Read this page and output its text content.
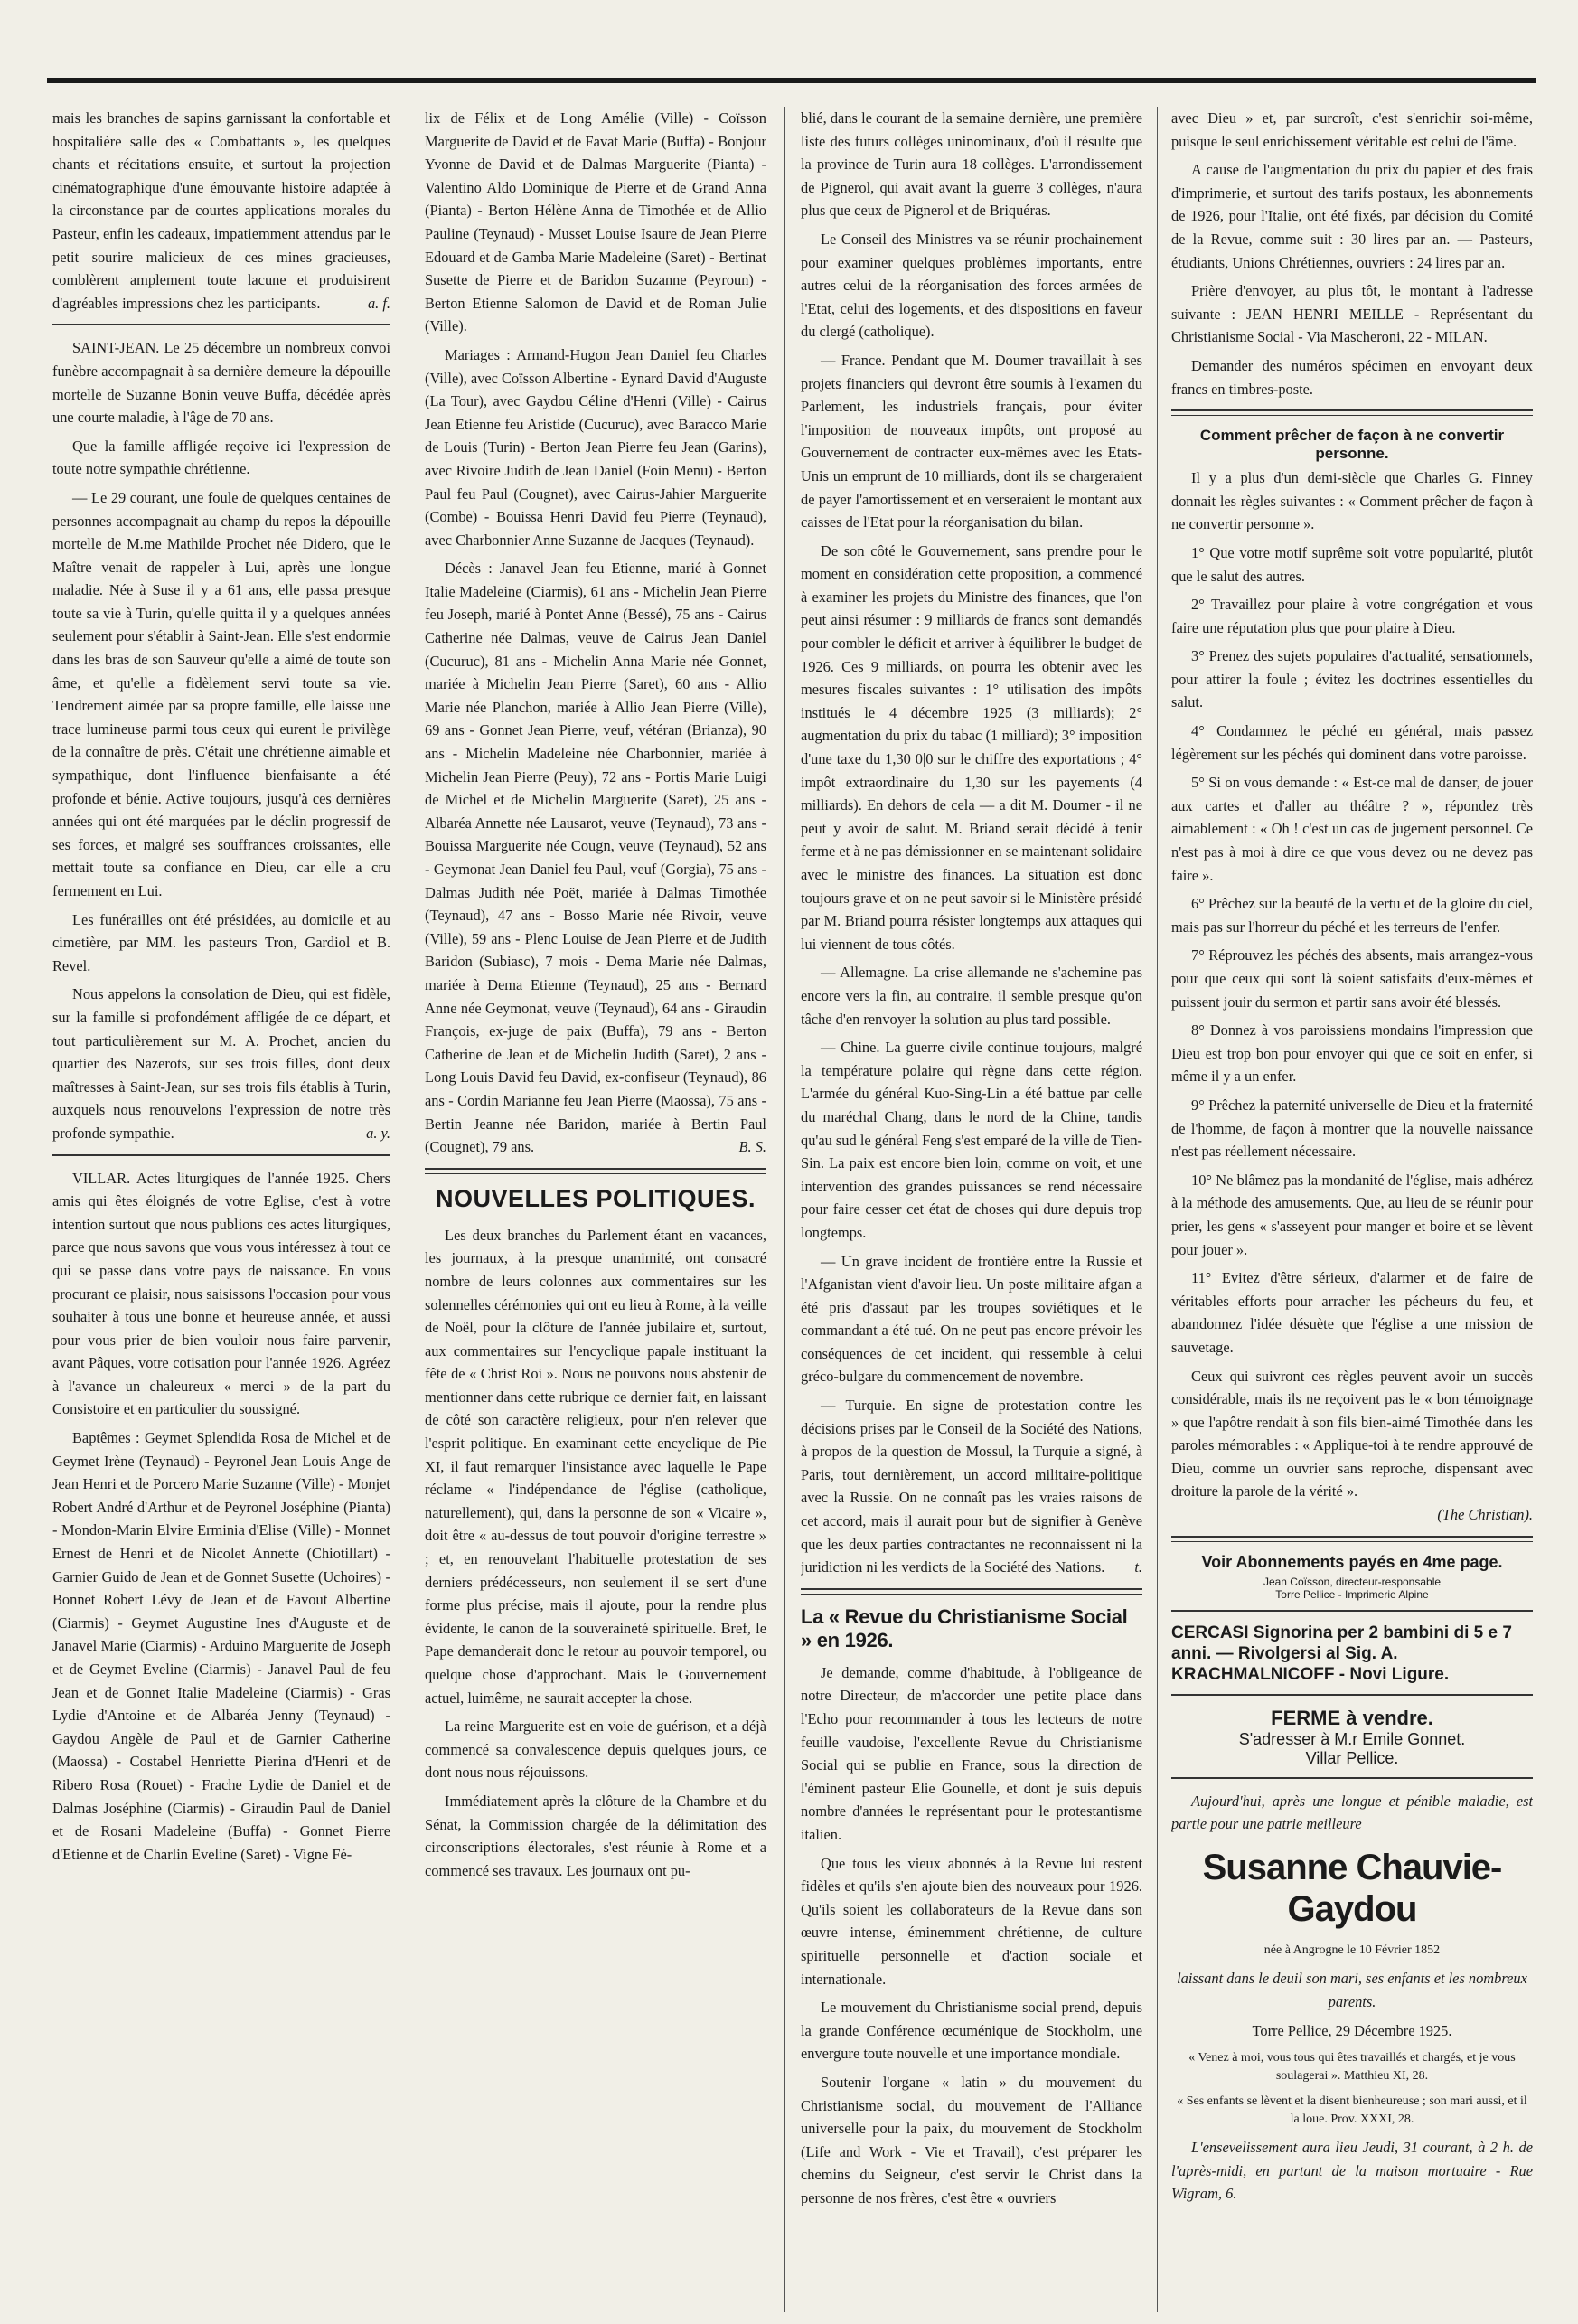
mais les branches de sapins garnissant la confortable et hospitalière salle des « Combattants », les quelques chants et récitations ensuite, et surtout la projection cinématographique d'une émouvante histoire adaptée à la circonstance par de courtes applications morales du Pasteur, enfin les cadeaux, impatiemment attendus par le petit sourire malicieux de ces mines gracieuses, comblèrent amplement toute lacune et produisirent d'agréables impressions chez les participants.	a. f.

SAINT-JEAN. Le 25 décembre un nombreux convoi funèbre accompagnait à sa dernière demeure la dépouille mortelle de Suzanne Bonin veuve Buffa, décédée après une courte maladie, à l'âge de 70 ans.

Que la famille affligée reçoive ici l'expression de toute notre sympathie chrétienne.

— Le 29 courant, une foule de quelques centaines de personnes accompagnait au champ du repos la dépouille mortelle de M.me Mathilde Prochet née Didero, que le Maître venait de rappeler à Lui, après une longue maladie. Née à Suse il y a 61 ans, elle passa presque toute sa vie à Turin, qu'elle quitta il y a quelques années seulement pour s'établir à Saint-Jean. Elle s'est endormie dans les bras de son Sauveur qu'elle a aimé de toute son âme, et qu'elle a fidèlement servi toute sa vie. Tendrement aimée par sa propre famille, elle laisse une trace lumineuse parmi tous ceux qui eurent le privilège de la connaître de près. C'était une chrétienne aimable et sympathique, dont l'influence bienfaisante a été profonde et bénie. Active toujours, jusqu'à ces dernières années qui ont été marquées par le déclin progressif de ses forces, et malgré ses souffrances croissantes, elle mettait toute sa confiance en Dieu, car elle a cru fermement en Lui.

Les funérailles ont été présidées, au domicile et au cimetière, par MM. les pasteurs Tron, Gardiol et B. Revel.

Nous appelons la consolation de Dieu, qui est fidèle, sur la famille si profondément affligée de ce départ, et tout particulièrement sur M. A. Prochet, ancien du quartier des Nazerots, sur ses trois filles, dont deux maîtresses à Saint-Jean, sur ses trois fils établis à Turin, auxquels nous renouvelons l'expression de notre très profonde sympathie.	a. y.

VILLAR. Actes liturgiques de l'année 1925. Chers amis qui êtes éloignés de votre Eglise, c'est à votre intention surtout que nous publions ces actes liturgiques, parce que nous savons que vous vous intéressez à tout ce qui se passe dans votre pays de naissance. En vous procurant ce plaisir, nous saisissons l'occasion pour vous souhaiter à tous une bonne et heureuse année, et aussi pour vous prier de bien vouloir nous faire parvenir, avant Pâques, votre cotisation pour l'année 1926. Agréez à l'avance un chaleureux « merci » de la part du Consistoire et en particulier du soussigné.

Baptêmes : Geymet Splendida Rosa de Michel et de Geymet Irène (Teynaud) - Peyronel Jean Louis Ange de Jean Henri et de Porcero Marie Suzanne (Ville) - Monjet Robert André d'Arthur et de Peyronel Joséphine (Pianta) - Mondon-Marin Elvire Erminia d'Elise (Ville) - Monnet Ernest de Henri et de Nicolet Annette (Chiotillart) - Garnier Guido de Jean et de Gonnet Susette (Uchoires) - Bonnet Robert Lévy de Jean et de Favout Albertine (Ciarmis) - Geymet Augustine Ines d'Auguste et de Janavel Marie (Ciarmis) - Arduino Marguerite de Joseph et de Geymet Eveline (Ciarmis) - Janavel Paul de feu Jean et de Gonnet Italie Madeleine (Ciarmis) - Gras Lydie d'Antoine et de Albaréa Jenny (Teynaud) - Gaydou Angèle de Paul et de Garnier Catherine (Maossa) - Costabel Henriette Pierina d'Henri et de Ribero Rosa (Rouet) - Frache Lydie de Daniel et de Dalmas Joséphine (Ciarmis) - Giraudin Paul de Daniel et de Rosani Madeleine (Buffa) - Gonnet Pierre d'Etienne et de Charlin Eveline (Saret) - Vigne Fé-

lix de Félix et de Long Amélie (Ville) - Coïsson Marguerite de David et de Favat Marie (Buffa) - Bonjour Yvonne de David et de Dalmas Marguerite (Pianta) - Valentino Aldo Dominique de Pierre et de Grand Anna (Pianta) - Berton Hélène Anna de Timothée et de Allio Pauline (Teynaud) - Musset Louise Isaure de Jean Pierre Edouard et de Gamba Marie Madeleine (Saret) - Bertinat Susette de Pierre et de Baridon Suzanne (Peyroun) - Berton Etienne Salomon de David et de Roman Julie (Ville).

Mariages : Armand-Hugon Jean Daniel feu Charles (Ville), avec Coïsson Albertine - Eynard David d'Auguste (La Tour), avec Gaydou Céline d'Henri (Ville) - Cairus Jean Etienne feu Aristide (Cucuruc), avec Baracco Marie de Louis (Turin) - Berton Jean Pierre feu Jean (Garins), avec Rivoire Judith de Jean Daniel (Foin Menu) - Berton Paul feu Paul (Cougnet), avec Cairus-Jahier Marguerite (Combe) - Bouissa Henri David feu Pierre (Teynaud), avec Charbonnier Anne Suzanne de Jacques (Teynaud).

Décès : Janavel Jean feu Etienne, marié à Gonnet Italie Madeleine (Ciarmis), 61 ans - Michelin Jean Pierre feu Joseph, marié à Pontet Anne (Bessé), 75 ans - Cairus Catherine née Dalmas, veuve de Cairus Jean Daniel (Cucuruc), 81 ans - Michelin Anna Marie née Gonnet, mariée à Michelin Jean Pierre (Saret), 60 ans - Allio Marie née Planchon, mariée à Allio Jean Pierre (Ville), 69 ans - Gonnet Jean Pierre, veuf, vétéran (Brianza), 90 ans - Michelin Madeleine née Charbonnier, mariée à Michelin Jean Pierre (Peuy), 72 ans - Portis Marie Luigi de Michel et de Michelin Marguerite (Saret), 25 ans - Albaréa Annette née Lausarot, veuve (Teynaud), 73 ans - Bouissa Marguerite née Cougn, veuve (Teynaud), 52 ans - Geymonat Jean Daniel feu Paul, veuf (Gorgia), 75 ans - Dalmas Judith née Poët, mariée à Dalmas Timothée (Teynaud), 47 ans - Bosso Marie née Rivoir, veuve (Ville), 59 ans - Plenc Louise de Jean Pierre et de Judith Baridon (Subiasc), 7 mois - Dema Marie née Dalmas, mariée à Dema Etienne (Teynaud), 25 ans - Bernard Anne née Geymonat, veuve (Teynaud), 64 ans - Giraudin François, ex-juge de paix (Buffa), 79 ans - Berton Catherine de Jean et de Michelin Judith (Saret), 2 ans - Long Louis David feu David, ex-confiseur (Teynaud), 86 ans - Cordin Marianne feu Jean Pierre (Maossa), 75 ans - Bertin Jeanne née Baridon, mariée à Bertin Paul (Cougnet), 79 ans.	B. S.

NOUVELLES POLITIQUES.

Les deux branches du Parlement étant en vacances, les journaux, à la presque unanimité, ont consacré nombre de leurs colonnes aux commentaires sur les solennelles cérémonies qui ont eu lieu à Rome, à la veille de Noël, pour la clôture de l'année jubilaire et, surtout, aux commentaires sur l'encyclique papale instituant la fête de « Christ Roi ». Nous ne pouvons nous abstenir de mentionner dans cette rubrique ce dernier fait, en laissant de côté son caractère religieux, pour n'en relever que l'esprit politique. En examinant cette encyclique de Pie XI, il faut remarquer l'insistance avec laquelle le Pape réclame « l'indépendance de l'église (catholique, naturellement), qui, dans la personne de son « Vicaire », doit être « au-dessus de tout pouvoir d'origine terrestre » ; et, en renouvelant l'habituelle protestation de ses derniers prédécesseurs, non seulement il se sert d'une forme plus précise, mais il ajoute, pour la rendre plus évidente, le canon de la souveraineté spirituelle. Bref, le Pape demanderait donc le retour au pouvoir temporel, ou quelque chose d'approchant. Mais le Gouvernement actuel, luimême, ne saurait accepter la chose.

La reine Marguerite est en voie de guérison, et a déjà commencé sa convalescence depuis quelques jours, ce dont nous nous réjouissons.

Immédiatement après la clôture de la Chambre et du Sénat, la Commission chargée de la délimitation des circonscriptions électorales, s'est réunie à Rome et a commencé ses travaux. Les journaux ont pu-

blié, dans le courant de la semaine dernière, une première liste des futurs collèges uninominaux, d'où il résulte que la province de Turin aura 18 collèges. L'arrondissement de Pignerol, qui avait avant la guerre 3 collèges, n'aura plus que ceux de Pignerol et de Briquéras.

Le Conseil des Ministres va se réunir prochainement pour examiner quelques problèmes importants, entre autres celui de la réorganisation des forces armées de l'Etat, celui des logements, et des dispositions en faveur du clergé (catholique).

— France. Pendant que M. Doumer travaillait à ses projets financiers qui devront être soumis à l'examen du Parlement, les industriels français, pour éviter l'imposition de nouveaux impôts, ont proposé au Gouvernement de contracter eux-mêmes avec les Etats-Unis un emprunt de 10 milliards, dont ils se chargeraient de payer l'amortissement et en verseraient le montant aux caisses de l'Etat pour la réorganisation du bilan.

De son côté le Gouvernement, sans prendre pour le moment en considération cette proposition, a commencé à examiner les projets du Ministre des finances, que l'on peut ainsi résumer : 9 milliards de francs sont demandés pour combler le déficit et arriver à équilibrer le budget de 1926. Ces 9 milliards, on pourra les obtenir avec les mesures fiscales suivantes : 1° utilisation des impôts institués le 4 décembre 1925 (3 milliards); 2° augmentation du prix du tabac (1 milliard); 3° imposition d'une taxe du 1,30 0|0 sur le chiffre des exportations ; 4° impôt extraordinaire du 1,30 sur les payements (4 milliards). En dehors de cela — a dit M. Doumer - il ne peut y avoir de salut. M. Briand serait décidé à tenir ferme et à ne pas démissionner en se maintenant solidaire avec le ministre des finances. La situation est donc toujours grave et on ne peut savoir si le Ministère présidé par M. Briand pourra résister longtemps aux attaques qui lui viennent de tous côtés.

— Allemagne. La crise allemande ne s'achemine pas encore vers la fin, au contraire, il semble presque qu'on tâche d'en renvoyer la solution au plus tard possible.

— Chine. La guerre civile continue toujours, malgré la température polaire qui règne dans cette région. L'armée du général Kuo-Sing-Lin a été battue par celle du maréchal Chang, dans le nord de la Chine, tandis qu'au sud le général Feng s'est emparé de la ville de Tien-Sin. La paix est encore bien loin, comme on voit, et une intervention des grandes puissances se rend nécessaire pour faire cesser cet état de choses qui dure depuis trop longtemps.

— Un grave incident de frontière entre la Russie et l'Afganistan vient d'avoir lieu. Un poste militaire afgan a été pris d'assaut par les troupes soviétiques et le commandant a été tué. On ne peut pas encore prévoir les conséquences de cet incident, qui ressemble à celui gréco-bulgare du commencement de novembre.

— Turquie. En signe de protestation contre les décisions prises par le Conseil de la Société des Nations, à propos de la question de Mossul, la Turquie a signé, à Paris, tout dernièrement, un accord militaire-politique avec la Russie. On ne connaît pas les vraies raisons de cet accord, mais il aurait pour but de signifier à Genève que les deux parties contractantes ne reconnaissent ni la juridiction ni les verdicts de la Société des Nations.	t.

La « Revue du Christianisme Social » en 1926.

Je demande, comme d'habitude, à l'obligeance de notre Directeur, de m'accorder une petite place dans l'Echo pour recommander à tous les lecteurs de notre feuille vaudoise, l'excellente Revue du Christianisme Social qui se publie en France, sous la direction de l'éminent pasteur Elie Gounelle, et dont je suis depuis nombre d'années le représentant pour le protestantisme italien.

Que tous les vieux abonnés à la Revue lui restent fidèles et qu'ils s'en ajoute bien des nouveaux pour 1926. Qu'ils soient les collaborateurs de la Revue dans son œuvre intense, éminemment chrétienne, de culture spirituelle personnelle et d'action sociale et internationale.

Le mouvement du Christianisme social prend, depuis la grande Conférence œcuménique de Stockholm, une envergure toute nouvelle et une importance mondiale.

Soutenir l'organe « latin » du mouvement du Christianisme social, du mouvement de l'Alliance universelle pour la paix, du mouvement de Stockholm (Life and Work - Vie et Travail), c'est préparer les chemins du Seigneur, c'est servir le Christ dans la personne de nos frères, c'est être « ouvriers

avec Dieu » et, par surcroît, c'est s'enrichir soi-même, puisque le seul enrichissement véritable est celui de l'âme.

A cause de l'augmentation du prix du papier et des frais d'imprimerie, et surtout des tarifs postaux, les abonnements de 1926, pour l'Italie, ont été fixés, par décision du Comité de la Revue, comme suit : 30 lires par an. — Pasteurs, étudiants, Unions Chrétiennes, ouvriers : 24 lires par an.

Prière d'envoyer, au plus tôt, le montant à l'adresse suivante : JEAN HENRI MEILLE - Représentant du Christianisme Social - Via Mascheroni, 22 - MILAN.

Demander des numéros spécimen en envoyant deux francs en timbres-poste.

Comment prêcher de façon à ne convertir personne.

Il y a plus d'un demi-siècle que Charles G. Finney donnait les règles suivantes : « Comment prêcher de façon à ne convertir personne ».

1° Que votre motif suprême soit votre popularité, plutôt que le salut des autres.

2° Travaillez pour plaire à votre congrégation et vous faire une réputation plus que pour plaire à Dieu.

3° Prenez des sujets populaires d'actualité, sensationnels, pour attirer la foule ; évitez les doctrines essentielles du salut.

4° Condamnez le péché en général, mais passez légèrement sur les péchés qui dominent dans votre paroisse.

5° Si on vous demande : « Est-ce mal de danser, de jouer aux cartes et d'aller au théâtre ? », répondez très aimablement : « Oh ! c'est un cas de jugement personnel. Ce n'est pas à moi à dire ce que vous devez ou ne devez pas faire ».

6° Prêchez sur la beauté de la vertu et de la gloire du ciel, mais pas sur l'horreur du péché et les terreurs de l'enfer.

7° Réprouvez les péchés des absents, mais arrangez-vous pour que ceux qui sont là soient satisfaits d'eux-mêmes et puissent jouir du sermon et partir sans avoir été blessés.

8° Donnez à vos paroissiens mondains l'impression que Dieu est trop bon pour envoyer qui que ce soit en enfer, si même il y a un enfer.

9° Prêchez la paternité universelle de Dieu et la fraternité de l'homme, de façon à montrer que la nouvelle naissance n'est pas réellement nécessaire.

10° Ne blâmez pas la mondanité de l'église, mais adhérez à la méthode des amusements. Que, au lieu de se réunir pour prier, les gens « s'asseyent pour manger et boire et se lèvent pour jouer ».

11° Evitez d'être sérieux, d'alarmer et de faire de véritables efforts pour arracher les pécheurs du feu, et abandonnez l'idée désuète que l'église a une mission de sauvetage.

Ceux qui suivront ces règles peuvent avoir un succès considérable, mais ils ne reçoivent pas le « bon témoignage » que l'apôtre rendait à son fils bien-aimé Timothée dans les paroles mémorables : « Applique-toi à te rendre approuvé de Dieu, comme un ouvrier sans reproche, dispensant avec droiture la parole de la vérité ».

(The Christian).

Voir Abonnements payés en 4me page.
Jean Coïsson, directeur-responsable
Torre Pellice - Imprimerie Alpine
CERCASI Signorina per 2 bambini di 5 e 7 anni. — Rivolgersi al Sig. A. KRACHMALNICOFF - Novi Ligure.
FERME à vendre.
S'adresser à M.r Emile Gonnet.
Villar Pellice.

Aujourd'hui, après une longue et pénible maladie, est partie pour une patrie meilleure

Susanne Chauvie-Gaydou

née à Angrogne le 10 Février 1852

laissant dans le deuil son mari, ses enfants et les nombreux parents.

Torre Pellice, 29 Décembre 1925.

« Venez à moi, vous tous qui êtes travaillés et chargés, et je vous soulagerai ». Matthieu XI, 28.
« Ses enfants se lèvent et la disent bienheureuse ; son mari aussi, et il la loue. Prov. XXXI, 28.

L'ensevelissement aura lieu Jeudi, 31 courant, à 2 h. de l'après-midi, en partant de la maison mortuaire - Rue Wigram, 6.
